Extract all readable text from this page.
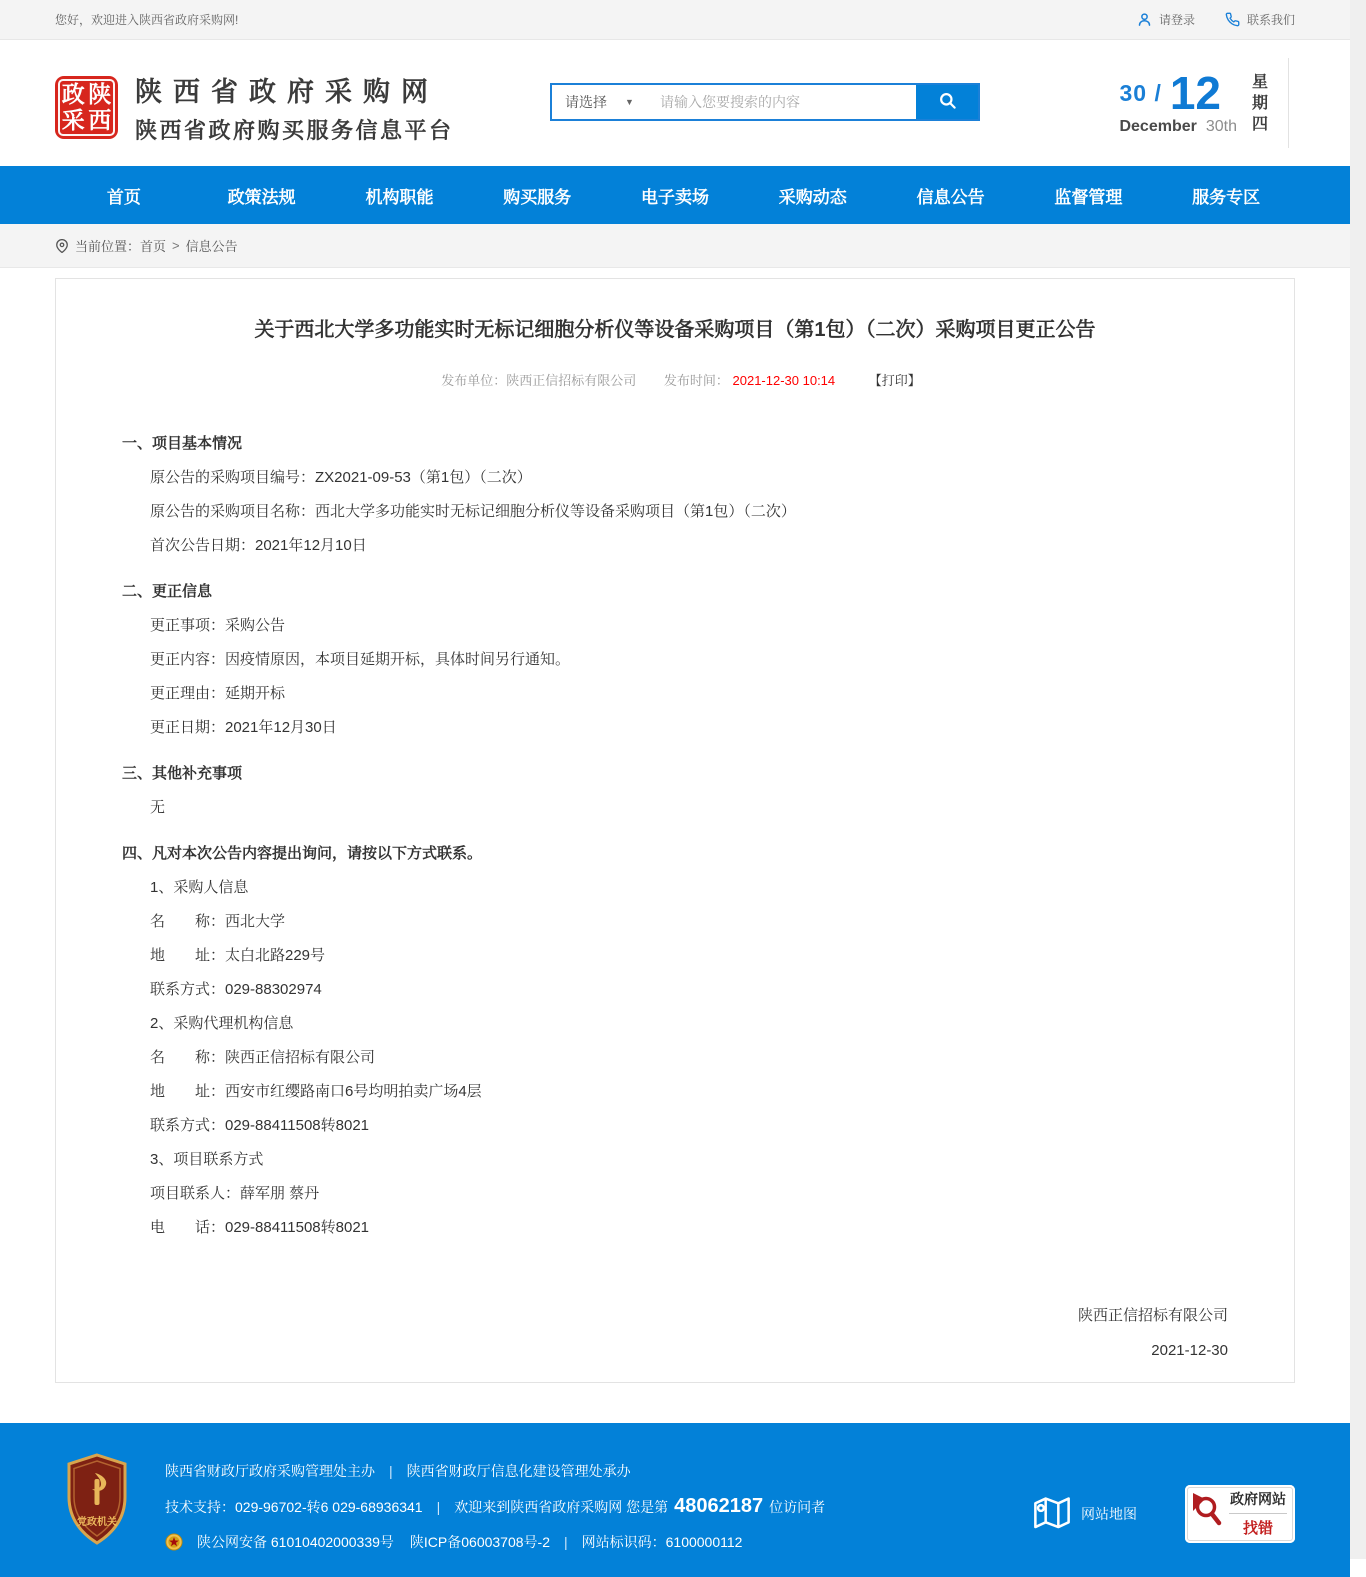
您好，欢迎进入陕西省政府采购网!	请登录	联系我们
政 陕
采 西
陕西省政府采购网
陕西省政府购买服务信息平台
请选择 ▼
请输入您要搜索的内容	30 / 12
December 30th
星
期
四
首页	政策法规	机构职能	购买服务	电子卖场	采购动态	信息公告	监督管理	服务专区
当前位置： 首页 > 信息公告
关于西北大学多功能实时无标记细胞分析仪等设备采购项目（第1包）（二次）采购项目更正公告
发布单位：陕西正信招标有限公司 发布时间： 2021-12-30 10:14	【打印】
一、项目基本情况

原公告的采购项目编号：ZX2021-09-53（第1包）（二次）

原公告的采购项目名称：西北大学多功能实时无标记细胞分析仪等设备采购项目（第1包）（二次）

首次公告日期：2021年12月10日

二、更正信息

更正事项：采购公告

更正内容：因疫情原因，本项目延期开标，具体时间另行通知。

更正理由：延期开标

更正日期：2021年12月30日

三、其他补充事项

无

四、凡对本次公告内容提出询问，请按以下方式联系。

1、采购人信息

名　　称：西北大学

地　　址：太白北路229号

联系方式：029-88302974

2、采购代理机构信息

名　　称：陕西正信招标有限公司

地　　址：西安市红缨路南口6号均明拍卖广场4层

联系方式：029-88411508转8021

3、项目联系方式

项目联系人：薛军朋 蔡丹

电　　话：029-88411508转8021

陕西正信招标有限公司
2021-12-30
党政机关
陕西省财政厅政府采购管理处主办 | 陕西省财政厅信息化建设管理处承办
技术支持：029-96702-转6 029-68936341 | 欢迎来到陕西省政府采购网 您是第 48062187 位访问者
陕公网安备 61010402000339号 陕ICP备06003708号-2 | 网站标识码：6100000112
网站地图
政府网站
找错
